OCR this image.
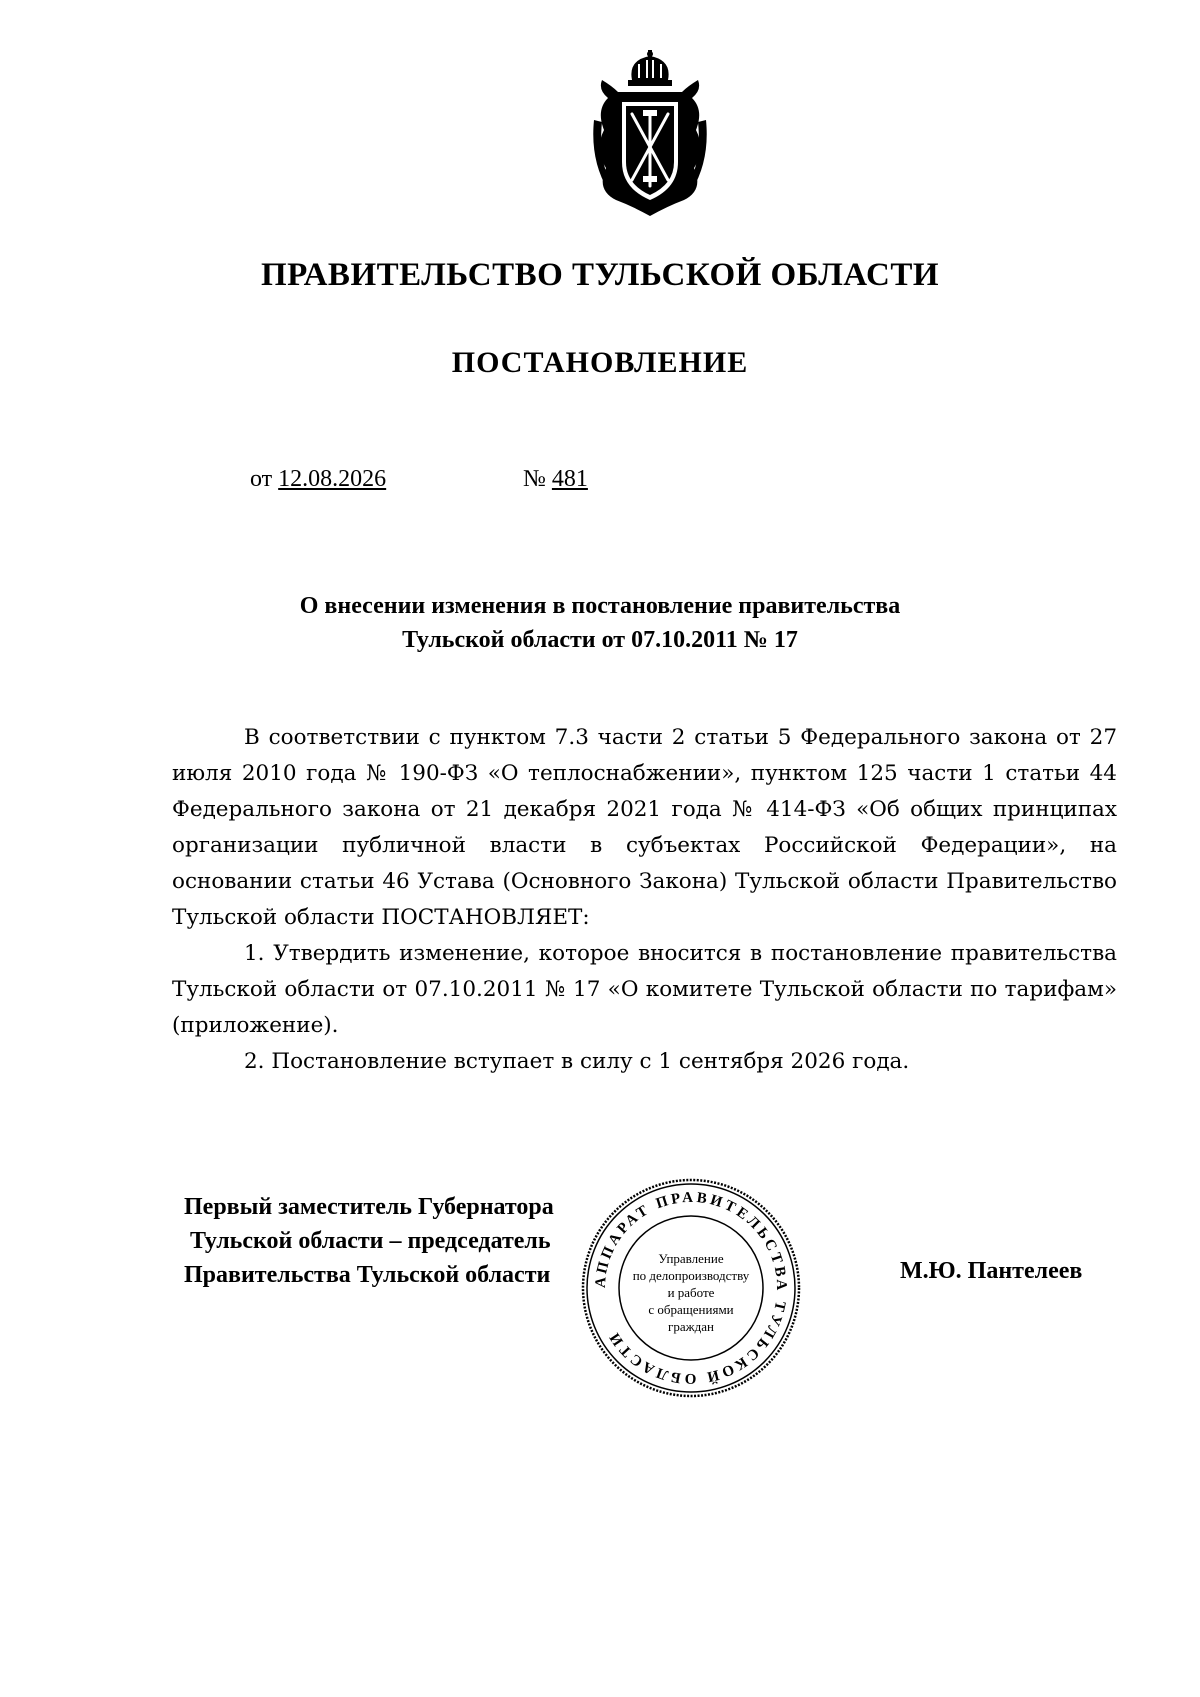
ПРАВИТЕЛЬСТВО ТУЛЬСКОЙ ОБЛАСТИ
ПОСТАНОВЛЕНИЕ
от 12.08.2026	№ 481
О внесении изменения в постановление правительства
Тульской области от 07.10.2011 № 17

В соответствии с пунктом 7.3 части 2 статьи 5 Федерального закона от 27 июля 2010 года № 190-ФЗ «О теплоснабжении», пунктом 125 части 1 статьи 44 Федерального закона от 21 декабря 2021 года № 414-ФЗ «Об общих принципах организации публичной власти в субъектах Российской Федерации», на основании статьи 46 Устава (Основного Закона) Тульской области Правительство Тульской области ПОСТАНОВЛЯЕТ:

1. Утвердить изменение, которое вносится в постановление правительства Тульской области от 07.10.2011 № 17 «О комитете Тульской области по тарифам» (приложение).

2. Постановление вступает в силу с 1 сентября 2026 года.

Первый заместитель Губернатора
Тульской области – председатель
Правительства Тульской области	М.Ю. Пантелеев
АППАРАТ ПРАВИТЕЛЬСТВА ТУЛЬСКОЙ ОБЛАСТИ
Управление
по делопроизводству
и работе
с обращениями
граждан
